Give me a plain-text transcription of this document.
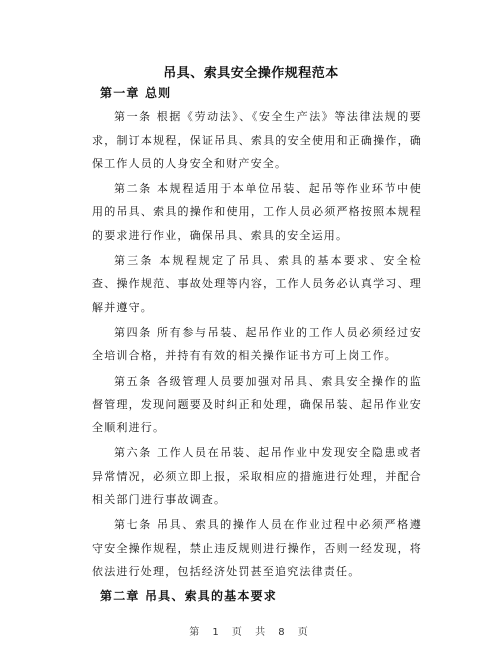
吊具、索具安全操作规程范本
第一章 总则

第一条 根据《劳动法》、《安全生产法》等法律法规的要求，制订本规程，保证吊具、索具的安全使用和正确操作，确保工作人员的人身安全和财产安全。

第二条 本规程适用于本单位吊装、起吊等作业环节中使用的吊具、索具的操作和使用，工作人员必须严格按照本规程的要求进行作业，确保吊具、索具的安全运用。

第三条 本规程规定了吊具、索具的基本要求、安全检查、操作规范、事故处理等内容，工作人员务必认真学习、理解并遵守。

第四条 所有参与吊装、起吊作业的工作人员必须经过安全培训合格，并持有有效的相关操作证书方可上岗工作。

第五条 各级管理人员要加强对吊具、索具安全操作的监督管理，发现问题要及时纠正和处理，确保吊装、起吊作业安全顺利进行。

第六条 工作人员在吊装、起吊作业中发现安全隐患或者异常情况，必须立即上报，采取相应的措施进行处理，并配合相关部门进行事故调查。

第七条 吊具、索具的操作人员在作业过程中必须严格遵守安全操作规程，禁止违反规则进行操作，否则一经发现，将依法进行处理，包括经济处罚甚至追究法律责任。

第二章 吊具、索具的基本要求
第 1 页 共 8 页
